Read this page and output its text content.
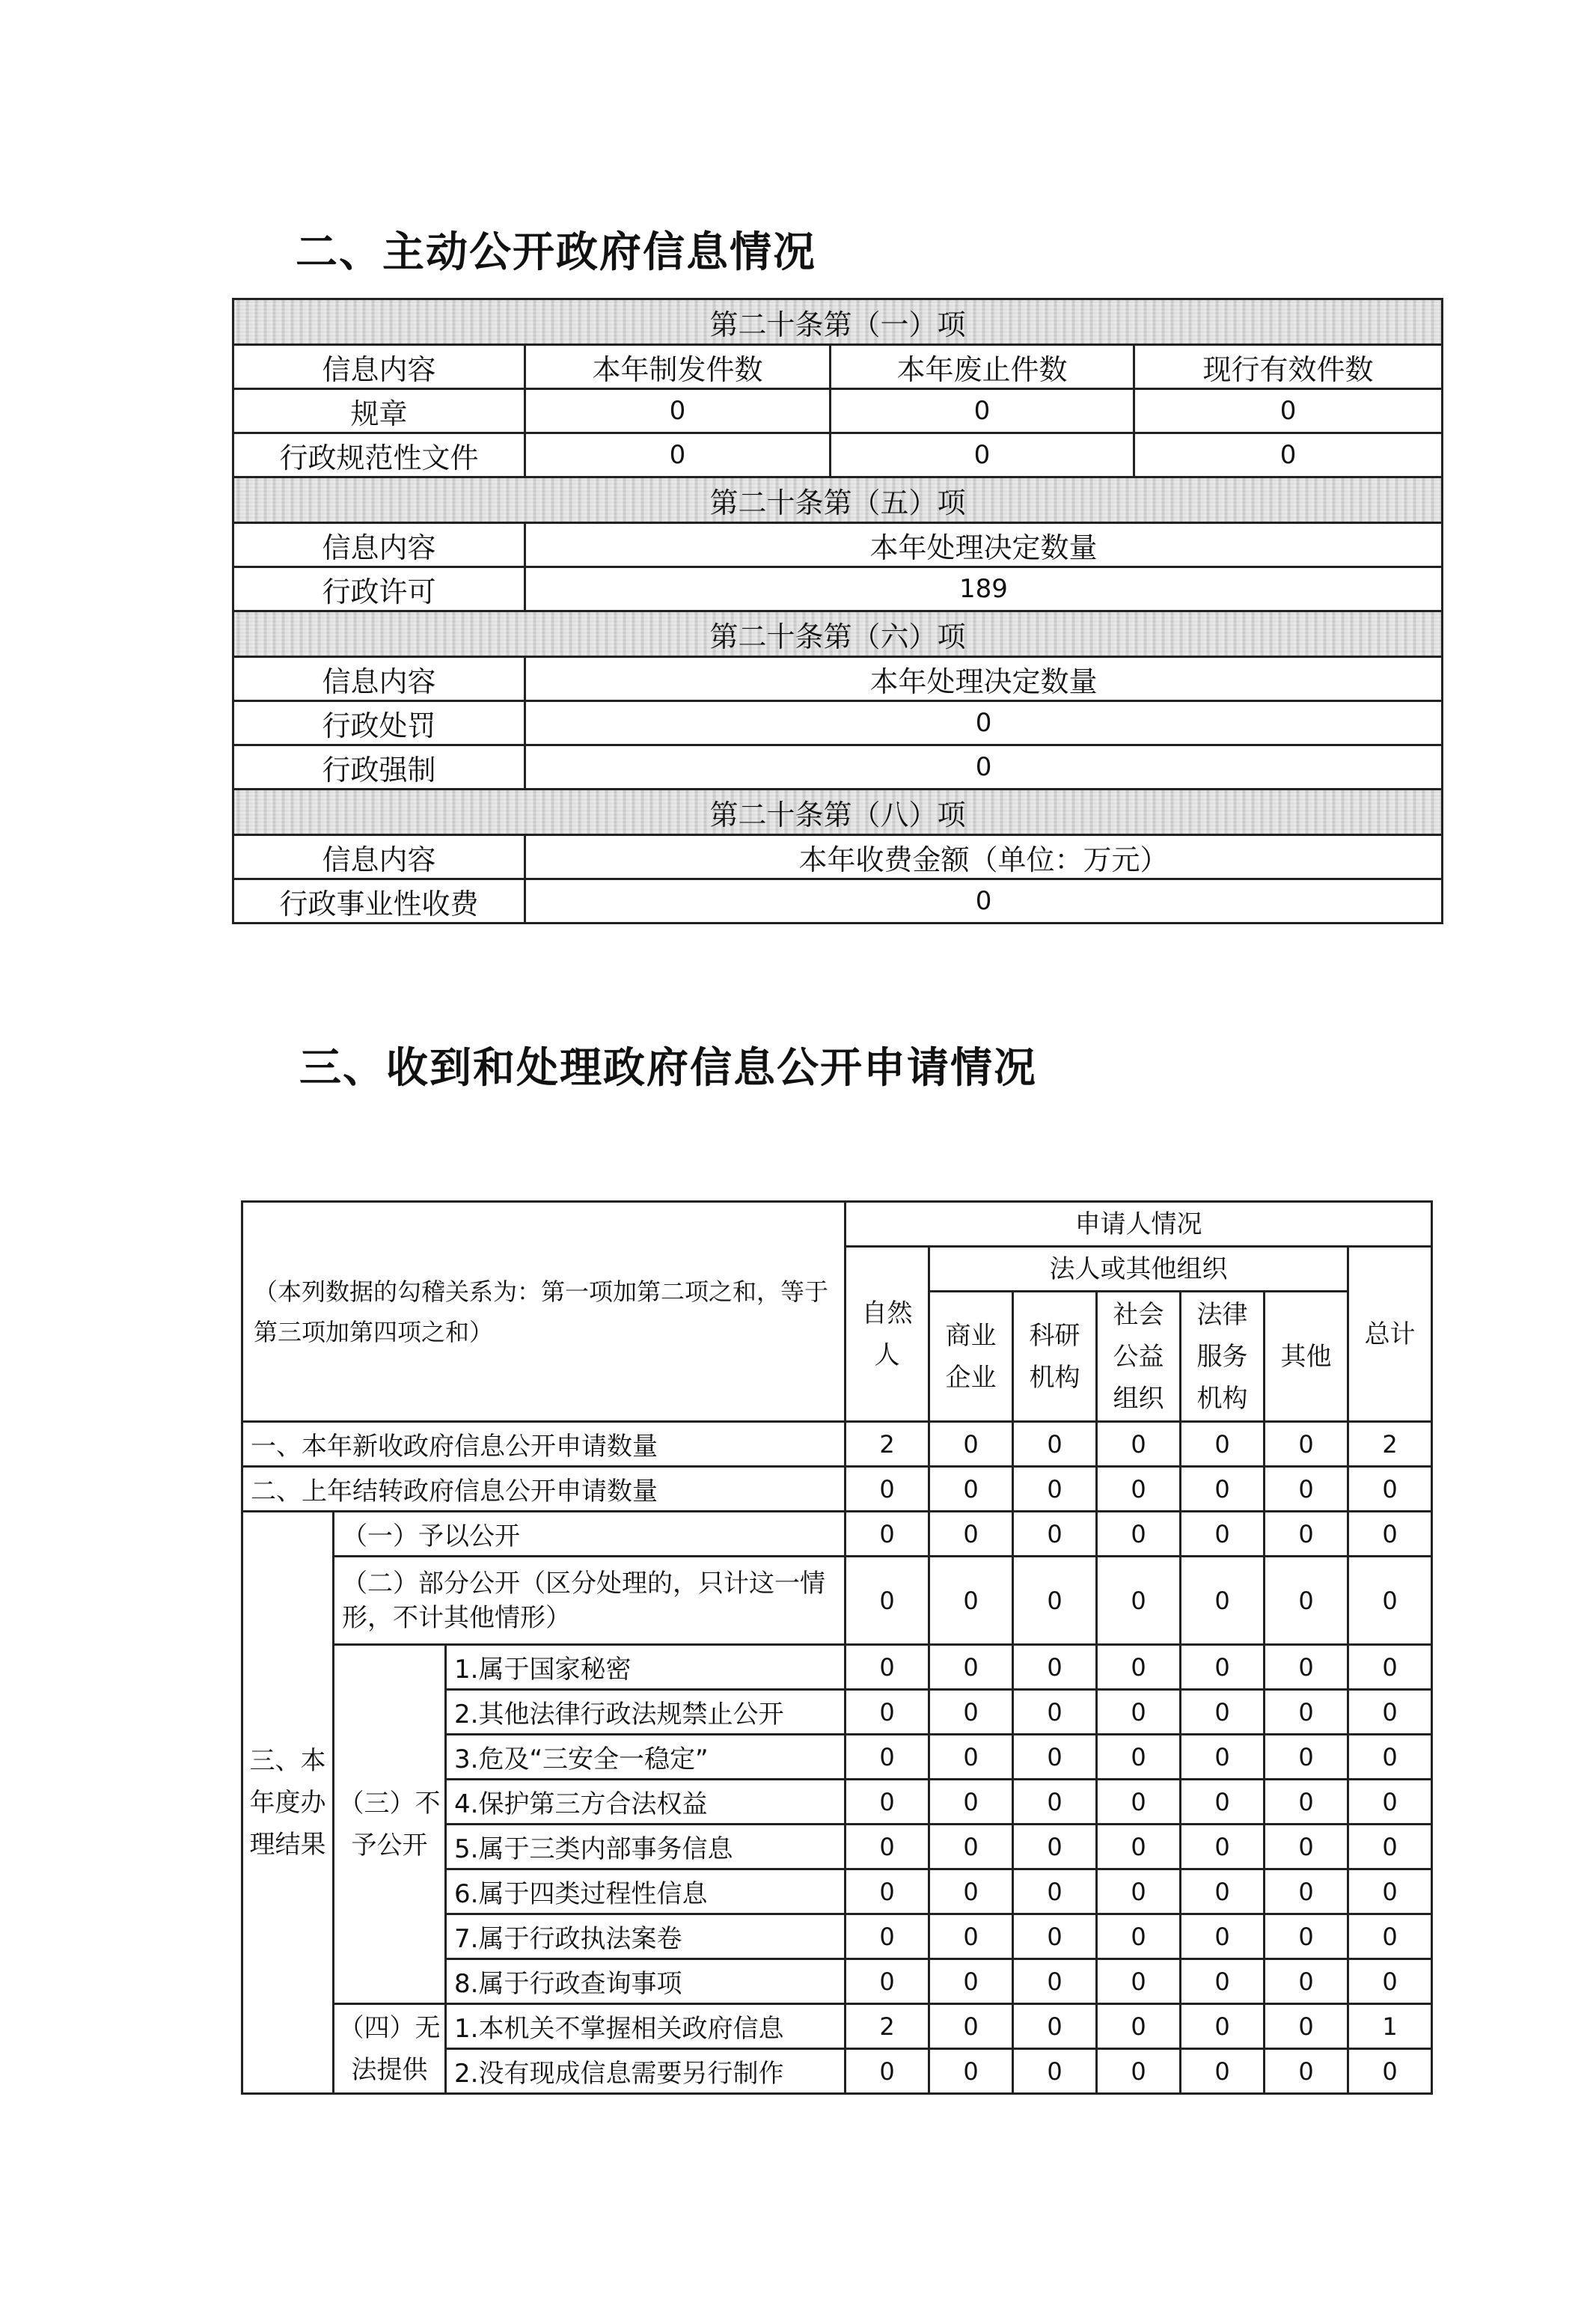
二、主动公开政府信息情况
第二十条第（一）项			
信息内容	本年制发件数	本年废止件数	现行有效件数
规章	0	0	0
行政规范性文件	0	0	0
第二十条第（五）项			
信息内容	本年处理决定数量		
行政许可	189		
第二十条第（六）项			
信息内容	本年处理决定数量		
行政处罚	0		
行政强制	0		
第二十条第（八）项			
信息内容	本年收费金额（单位：万元）		
行政事业性收费	0		
三、收到和处理政府信息公开申请情况
（本列数据的勾稽关系为：第一项加第二项之和，等于第三项加第四项之和）			申请人情况						
			自然人	法人或其他组织					总计
				商业企业	科研机构	社会公益组织	法律服务机构	其他	

一、本年新收政府信息公开申请数量			2	0	0	0	0	0	2
二、上年结转政府信息公开申请数量			0	0	0	0	0	0	0
三、本年度办理结果	（一）予以公开		0	0	0	0	0	0	0
	（二）部分公开（区分处理的，只计这一情形，不计其他情形）		0	0	0	0	0	0	0
	（三）不予公开	1.属于国家秘密	0	0	0	0	0	0	0
		2.其他法律行政法规禁止公开	0	0	0	0	0	0	0
		3.危及“三安全一稳定”	0	0	0	0	0	0	0
		4.保护第三方合法权益	0	0	0	0	0	0	0
		5.属于三类内部事务信息	0	0	0	0	0	0	0
		6.属于四类过程性信息	0	0	0	0	0	0	0
		7.属于行政执法案卷	0	0	0	0	0	0	0
		8.属于行政查询事项	0	0	0	0	0	0	0
	（四）无法提供	1.本机关不掌握相关政府信息	2	0	0	0	0	0	1
		2.没有现成信息需要另行制作	0	0	0	0	0	0	0
